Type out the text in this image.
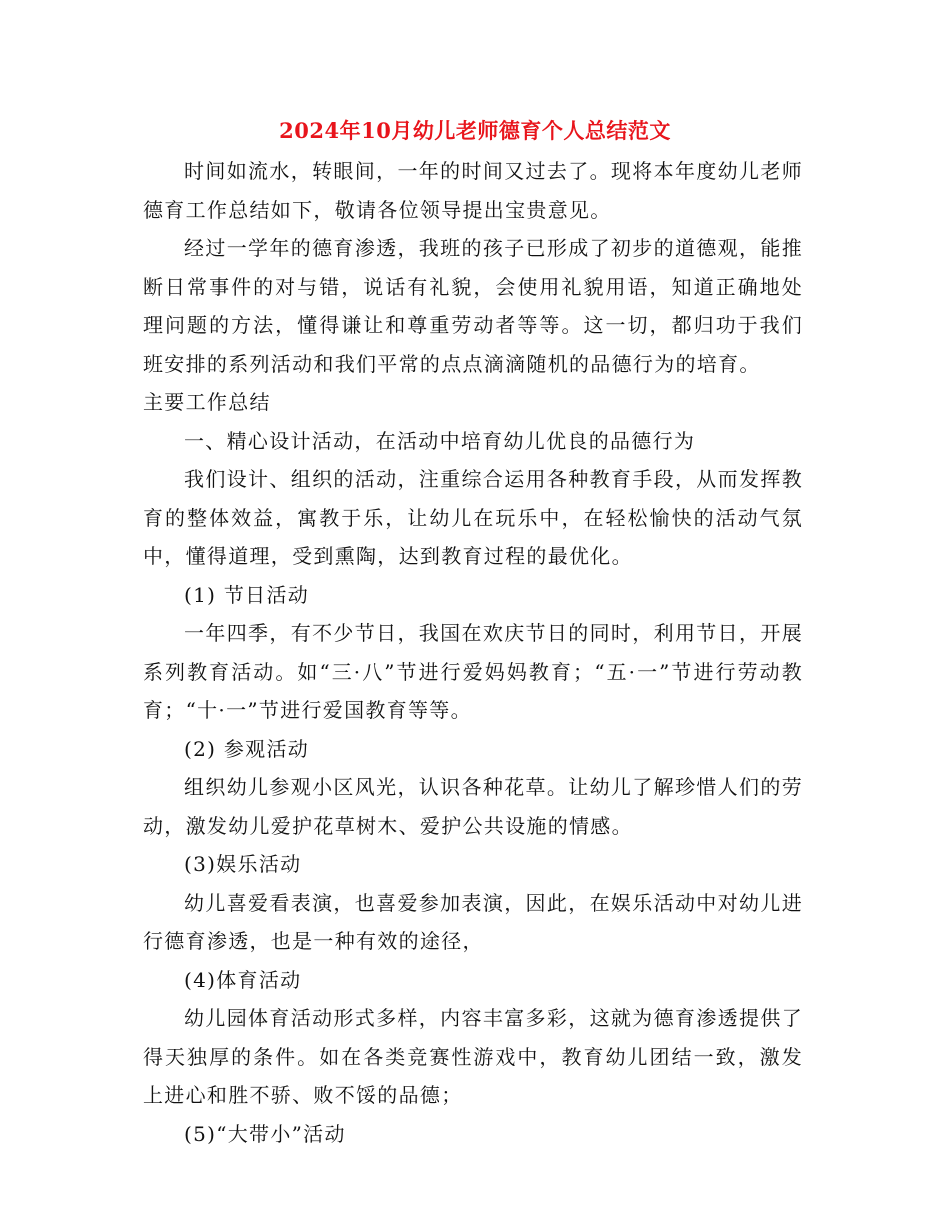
2024年10月幼儿老师德育个人总结范文

时间如流水，转眼间，一年的时间又过去了。现将本年度幼儿老师德育工作总结如下，敬请各位领导提出宝贵意见。

经过一学年的德育渗透，我班的孩子已形成了初步的道德观，能推断日常事件的对与错，说话有礼貌，会使用礼貌用语，知道正确地处理问题的方法，懂得谦让和尊重劳动者等等。这一切，都归功于我们班安排的系列活动和我们平常的点点滴滴随机的品德行为的培育。

主要工作总结

一、精心设计活动，在活动中培育幼儿优良的品德行为

我们设计、组织的活动，注重综合运用各种教育手段，从而发挥教育的整体效益，寓教于乐，让幼儿在玩乐中，在轻松愉快的活动气氛中，懂得道理，受到熏陶，达到教育过程的最优化。

(1) 节日活动

一年四季，有不少节日，我国在欢庆节日的同时，利用节日，开展系列教育活动。如“三·八”节进行爱妈妈教育；“五·一”节进行劳动教育；“十·一”节进行爱国教育等等。

(2) 参观活动

组织幼儿参观小区风光，认识各种花草。让幼儿了解珍惜人们的劳动，激发幼儿爱护花草树木、爱护公共设施的情感。

(3)娱乐活动

幼儿喜爱看表演，也喜爱参加表演，因此，在娱乐活动中对幼儿进行德育渗透，也是一种有效的途径，

(4)体育活动

幼儿园体育活动形式多样，内容丰富多彩，这就为德育渗透提供了得天独厚的条件。如在各类竞赛性游戏中，教育幼儿团结一致，激发上进心和胜不骄、败不馁的品德；

(5)“大带小”活动
